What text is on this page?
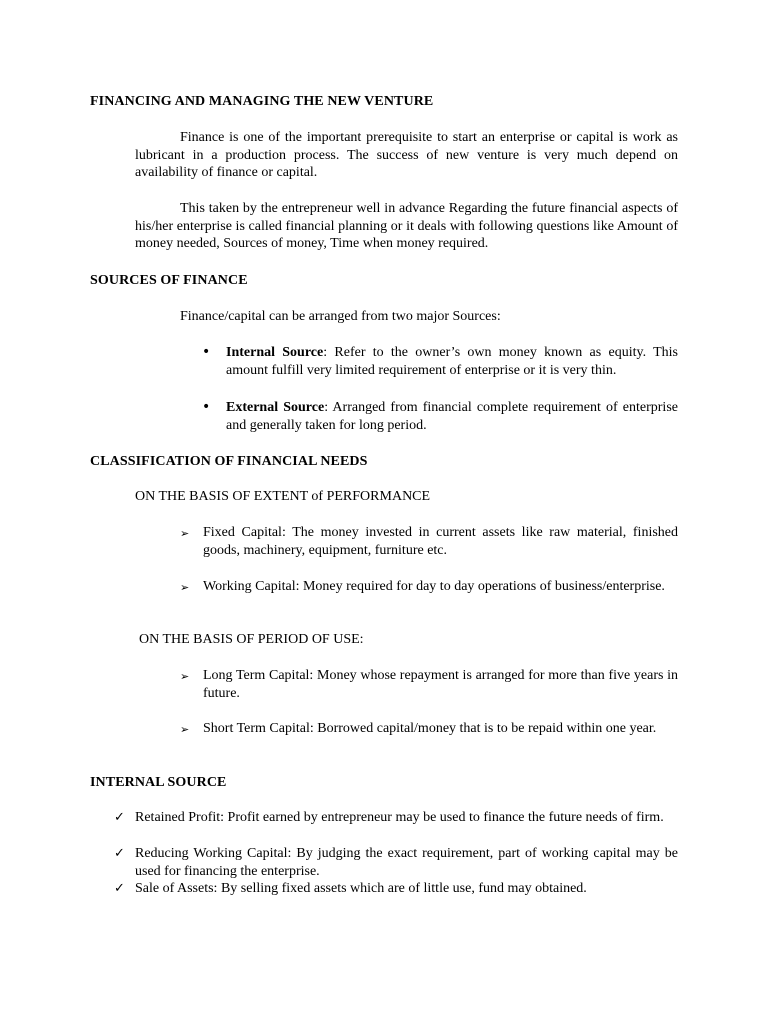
FINANCING AND MANAGING THE NEW VENTURE
Finance is one of the important prerequisite to start an enterprise or capital is work as lubricant in a production process. The success of new venture is very much depend on availability of finance or capital.
This taken by the entrepreneur well in advance Regarding the future financial aspects of his/her enterprise is called financial planning or it deals with following questions like Amount of money needed, Sources of money, Time when money required.
SOURCES OF FINANCE
Finance/capital can be arranged from two major Sources:
• Internal Source: Refer to the owner’s own money known as equity. This amount fulfill very limited requirement of enterprise or it is very thin.
• External Source: Arranged from financial complete requirement of enterprise and generally taken for long period.
CLASSIFICATION OF FINANCIAL NEEDS
ON THE BASIS OF EXTENT of PERFORMANCE
➢ Fixed Capital: The money invested in current assets like raw material, finished goods, machinery, equipment, furniture etc.
➢ Working Capital: Money required for day to day operations of business/enterprise.
ON THE BASIS OF PERIOD OF USE:
➢ Long Term Capital: Money whose repayment is arranged for more than five years in future.
➢ Short Term Capital: Borrowed capital/money that is to be repaid within one year.
INTERNAL SOURCE
✓ Retained Profit: Profit earned by entrepreneur may be used to finance the future needs of firm.
✓ Reducing Working Capital: By judging the exact requirement, part of working capital may be used for financing the enterprise.
✓ Sale of Assets: By selling fixed assets which are of little use, fund may obtained.
